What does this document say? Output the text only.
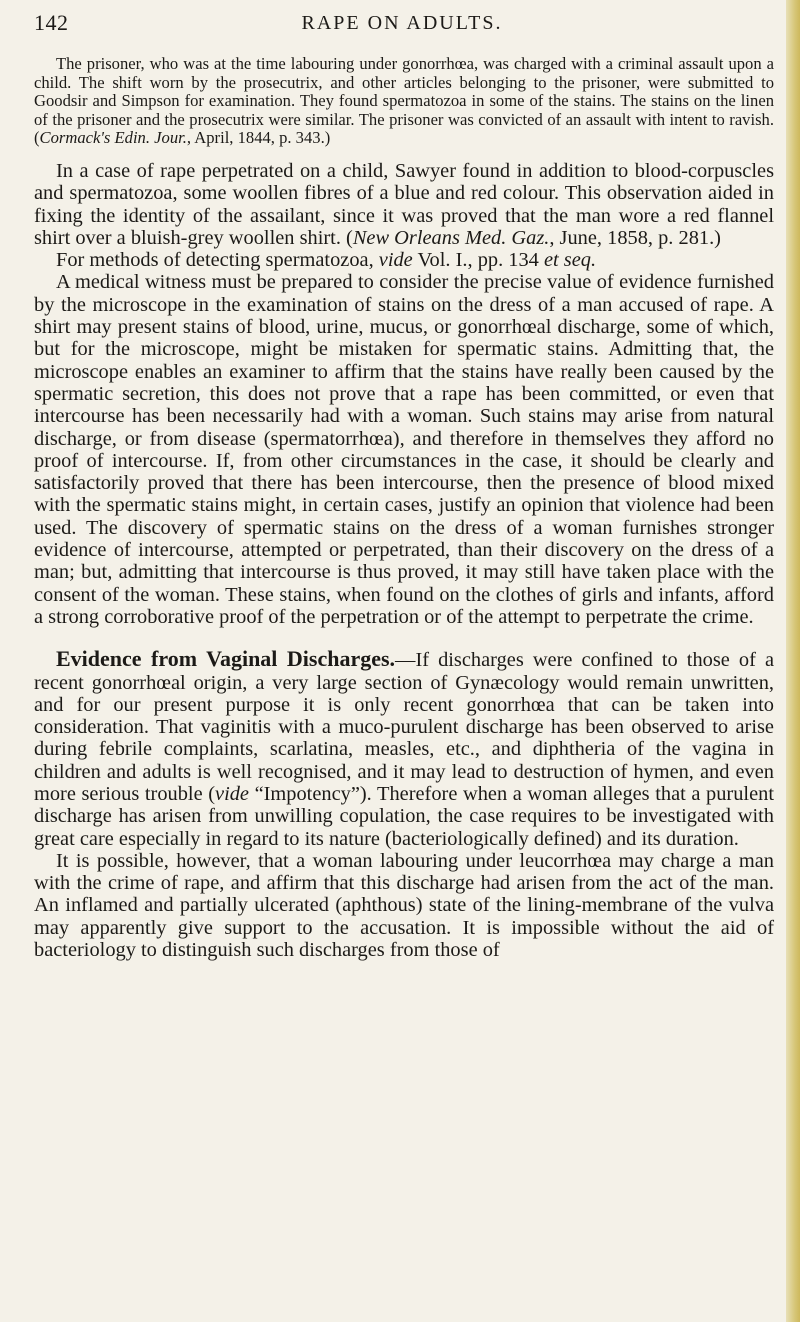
142	RAPE ON ADULTS.

The prisoner, who was at the time labouring under gonorrhœa, was charged with a criminal assault upon a child. The shift worn by the prosecutrix, and other articles belonging to the prisoner, were submitted to Goodsir and Simpson for examination. They found spermatozoa in some of the stains. The stains on the linen of the prisoner and the prosecutrix were similar. The prisoner was convicted of an assault with intent to ravish. (Cormack's Edin. Jour., April, 1844, p. 343.)

In a case of rape perpetrated on a child, Sawyer found in addition to blood-corpuscles and spermatozoa, some woollen fibres of a blue and red colour. This observation aided in fixing the identity of the assailant, since it was proved that the man wore a red flannel shirt over a bluish-grey woollen shirt. (New Orleans Med. Gaz., June, 1858, p. 281.)

For methods of detecting spermatozoa, vide Vol. I., pp. 134 et seq.

A medical witness must be prepared to consider the precise value of evidence furnished by the microscope in the examination of stains on the dress of a man accused of rape. A shirt may present stains of blood, urine, mucus, or gonorrhœal discharge, some of which, but for the microscope, might be mistaken for spermatic stains. Admitting that, the microscope enables an examiner to affirm that the stains have really been caused by the spermatic secretion, this does not prove that a rape has been committed, or even that intercourse has been necessarily had with a woman. Such stains may arise from natural discharge, or from disease (spermatorrhœa), and therefore in themselves they afford no proof of intercourse. If, from other circumstances in the case, it should be clearly and satisfactorily proved that there has been intercourse, then the presence of blood mixed with the spermatic stains might, in certain cases, justify an opinion that violence had been used. The discovery of spermatic stains on the dress of a woman furnishes stronger evidence of intercourse, attempted or perpetrated, than their discovery on the dress of a man; but, admitting that intercourse is thus proved, it may still have taken place with the consent of the woman. These stains, when found on the clothes of girls and infants, afford a strong corroborative proof of the perpetration or of the attempt to perpetrate the crime.

Evidence from Vaginal Discharges.—If discharges were confined to those of a recent gonorrhœal origin, a very large section of Gynæcology would remain unwritten, and for our present purpose it is only recent gonorrhœa that can be taken into consideration. That vaginitis with a muco-purulent discharge has been observed to arise during febrile complaints, scarlatina, measles, etc., and diphtheria of the vagina in children and adults is well recognised, and it may lead to destruction of hymen, and even more serious trouble (vide “Impotency”). Therefore when a woman alleges that a purulent discharge has arisen from unwilling copulation, the case requires to be investigated with great care especially in regard to its nature (bacteriologically defined) and its duration.

It is possible, however, that a woman labouring under leucorrhœa may charge a man with the crime of rape, and affirm that this discharge had arisen from the act of the man. An inflamed and partially ulcerated (aphthous) state of the lining-membrane of the vulva may apparently give support to the accusation. It is impossible without the aid of bacteriology to distinguish such discharges from those of
